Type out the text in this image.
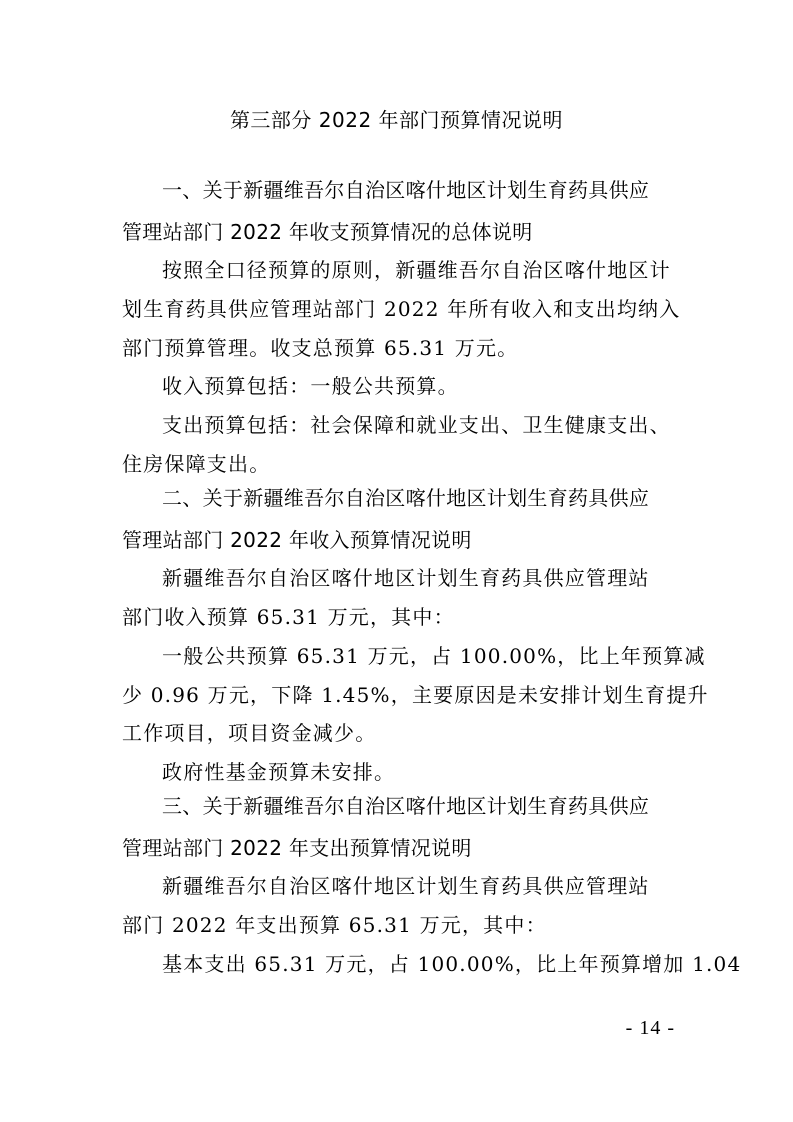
第三部分 2022 年部门预算情况说明

一、关于新疆维吾尔自治区喀什地区计划生育药具供应

管理站部门 2022 年收支预算情况的总体说明

按照全口径预算的原则，新疆维吾尔自治区喀什地区计

划生育药具供应管理站部门 2022 年所有收入和支出均纳入

部门预算管理。收支总预算 65.31 万元。

收入预算包括：一般公共预算。

支出预算包括：社会保障和就业支出、卫生健康支出、

住房保障支出。

二、关于新疆维吾尔自治区喀什地区计划生育药具供应

管理站部门 2022 年收入预算情况说明

新疆维吾尔自治区喀什地区计划生育药具供应管理站

部门收入预算 65.31 万元，其中：

一般公共预算 65.31 万元，占 100.00%，比上年预算减

少 0.96 万元，下降 1.45%，主要原因是未安排计划生育提升

工作项目，项目资金减少。

政府性基金预算未安排。

三、关于新疆维吾尔自治区喀什地区计划生育药具供应

管理站部门 2022 年支出预算情况说明

新疆维吾尔自治区喀什地区计划生育药具供应管理站

部门 2022 年支出预算 65.31 万元，其中：

基本支出 65.31 万元，占 100.00%，比上年预算增加 1.04

- 14 -
